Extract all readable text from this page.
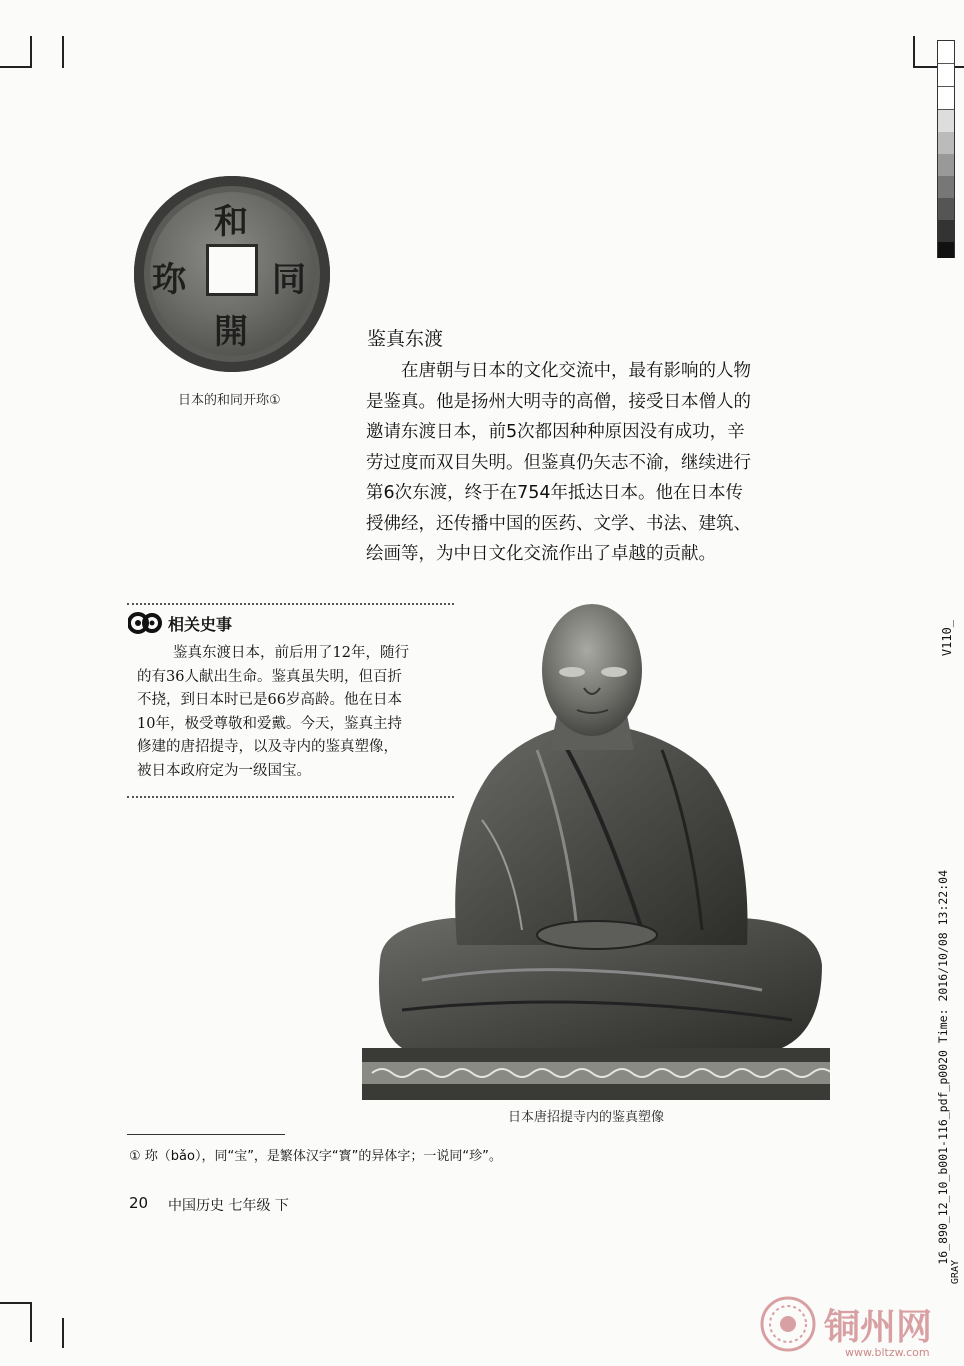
和
同
開
珎
日本的和同开珎①
鉴真东渡
在唐朝与日本的文化交流中，最有影响的人物
是鉴真。他是扬州大明寺的高僧，接受日本僧人的
邀请东渡日本，前5次都因种种原因没有成功，辛
劳过度而双目失明。但鉴真仍矢志不渝，继续进行
第6次东渡，终于在754年抵达日本。他在日本传
授佛经，还传播中国的医药、文学、书法、建筑、
绘画等，为中日文化交流作出了卓越的贡献。
相关史事
鉴真东渡日本，前后用了12年，随行
的有36人献出生命。鉴真虽失明，但百折
不挠，到日本时已是66岁高龄。他在日本
10年，极受尊敬和爱戴。今天，鉴真主持
修建的唐招提寺，以及寺内的鉴真塑像，
被日本政府定为一级国宝。
日本唐招提寺内的鉴真塑像
① 珎（bǎo），同“宝”，是繁体汉字“寳”的异体字；一说同“珍”。
20 中国历史 七年级 下
V110_
16_890_12_10_b001-116_pdf_p0020 Time: 2016/10/08 13:22:04
GRAY
铜州网
www.bltzw.com
